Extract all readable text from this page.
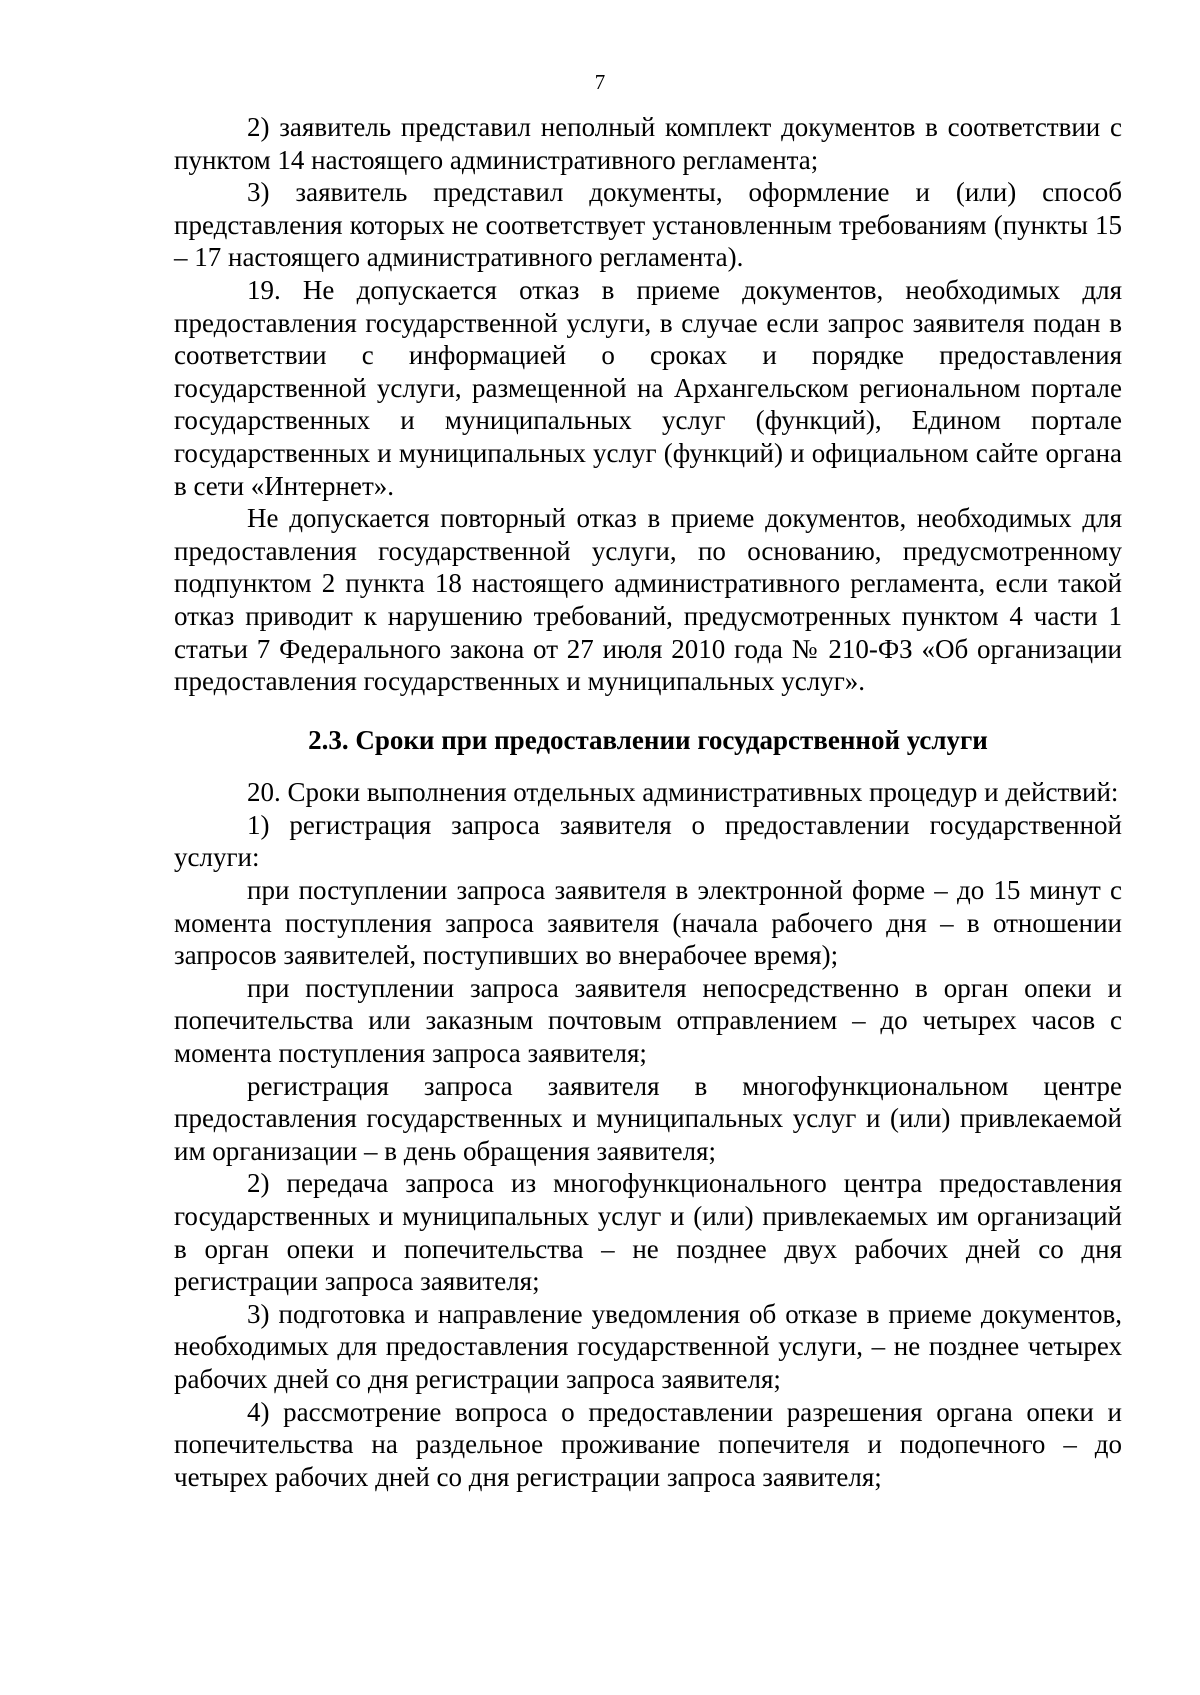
7

2) заявитель представил неполный комплект документов в соответствии с пунктом 14 настоящего административного регламента;

3) заявитель представил документы, оформление и (или) способ представления которых не соответствует установленным требованиям (пункты 15 – 17 настоящего административного регламента).

19. Не допускается отказ в приеме документов, необходимых для предоставления государственной услуги, в случае если запрос заявителя подан в соответствии с информацией о сроках и порядке предоставления государственной услуги, размещенной на Архангельском региональном портале государственных и муниципальных услуг (функций), Едином портале государственных и муниципальных услуг (функций) и официальном сайте органа в сети «Интернет».

Не допускается повторный отказ в приеме документов, необходимых для предоставления государственной услуги, по основанию, предусмотренному подпунктом 2 пункта 18 настоящего административного регламента, если такой отказ приводит к нарушению требований, предусмотренных пунктом 4 части 1 статьи 7 Федерального закона от 27 июля 2010 года № 210-ФЗ «Об организации предоставления государственных и муниципальных услуг».

2.3. Сроки при предоставлении государственной услуги

20. Сроки выполнения отдельных административных процедур и действий:

1) регистрация запроса заявителя о предоставлении государственной услуги:

при поступлении запроса заявителя в электронной форме – до 15 минут с момента поступления запроса заявителя (начала рабочего дня – в отношении запросов заявителей, поступивших во внерабочее время);

при поступлении запроса заявителя непосредственно в орган опеки и попечительства или заказным почтовым отправлением – до четырех часов с момента поступления запроса заявителя;

регистрация запроса заявителя в многофункциональном центре предоставления государственных и муниципальных услуг и (или) привлекаемой им организации – в день обращения заявителя;

2) передача запроса из многофункционального центра предоставления государственных и муниципальных услуг и (или) привлекаемых им организаций в орган опеки и попечительства – не позднее двух рабочих дней со дня регистрации запроса заявителя;

3) подготовка и направление уведомления об отказе в приеме документов, необходимых для предоставления государственной услуги, – не позднее четырех рабочих дней со дня регистрации запроса заявителя;

4) рассмотрение вопроса о предоставлении разрешения органа опеки и попечительства на раздельное проживание попечителя и подопечного – до четырех рабочих дней со дня регистрации запроса заявителя;
